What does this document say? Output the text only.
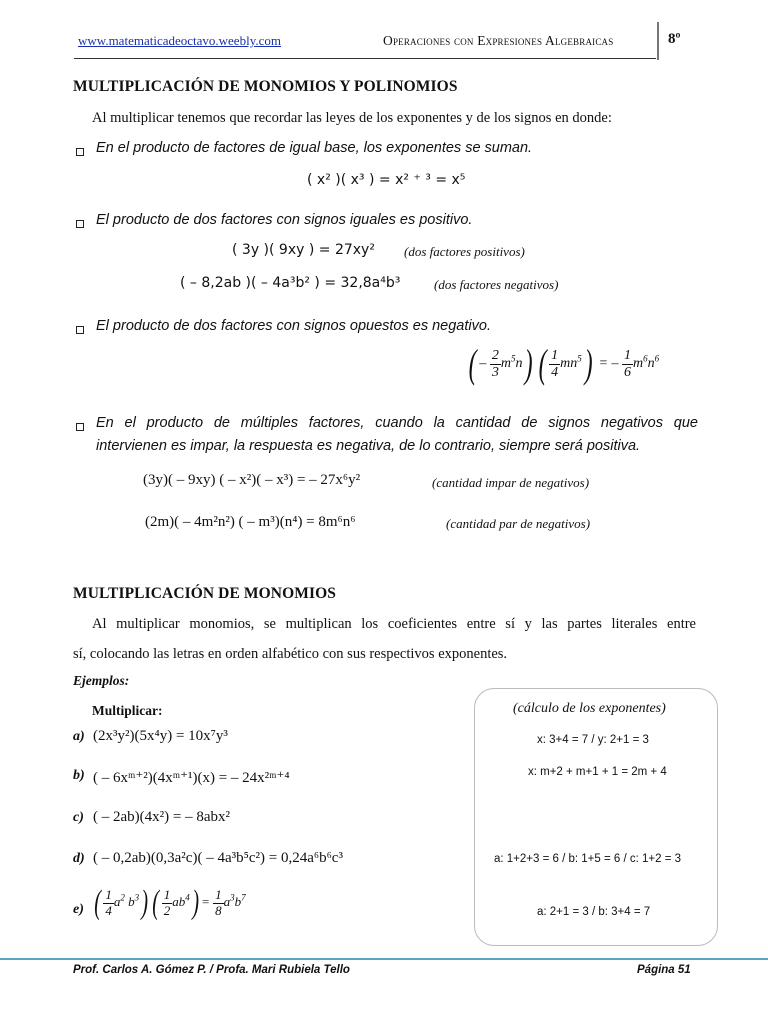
www.matematicadeoctavo.weebly.com	Operaciones con Expresiones Algebraicas	8º
MULTIPLICACIÓN DE MONOMIOS Y POLINOMIOS
Al multiplicar tenemos que recordar las leyes de los exponentes y de los signos en donde:
En el producto de factores de igual base, los exponentes se suman.
( x² )( x³ ) = x² ⁺ ³ = x⁵
El producto de dos factores con signos iguales es positivo.
( 3y )( 9xy ) = 27xy² (dos factores positivos)
( – 8,2ab )( – 4a³b² ) = 32,8a⁴b³	(dos factores negativos)
El producto de dos factores con signos opuestos es negativo.
( – $\frac{2}{3} m^5n$) ( $\frac{1}{4} mn^5$) = – $\frac{1}{6} m^6n^6$
En el producto de múltiples factores, cuando la cantidad de signos negativos que
intervienen es impar, la respuesta es negativa, de lo contrario, siempre será positiva.
(3y)( – 9xy) ( – x²)( – x³) = – 27x⁶y²	(cantidad impar de negativos)
(2m)( – 4m²n²) ( – m³)(n⁴) = 8m⁶n⁶	(cantidad par de negativos)
MULTIPLICACIÓN DE MONOMIOS
Al multiplicar monomios, se multiplican los coeficientes entre sí y las partes literales entre
sí, colocando las letras en orden alfabético con sus respectivos exponentes.
Ejemplos:
Multiplicar:
a) (2x³y²)(5x⁴y) = 10x⁷y³
b) ( – 6xᵐ⁺²)(4xᵐ⁺¹)(x) = – 24x²ᵐ⁺⁴
c) ( – 2ab)(4x²) = – 8abx²
d) ( – 0,2ab)(0,3a²c)( – 4a³b⁵c²) = 0,24a⁶b⁶c³
e) ( $\frac{1}{4} a^2$ $b^3$) ( $\frac{1}{2} ab^4) = \frac{1}{8} a^3b^7$
(cálculo de los exponentes)
x: 3+4 = 7 / y: 2+1 = 3
x: m+2 + m+1 + 1 = 2m + 4
a: 1+2+3 = 6 / b: 1+5 = 6 / c: 1+2 = 3
a: 2+1 = 3 / b: 3+4 = 7
Prof. Carlos A. Gómez P. / Profa. Mari Rubiela Tello	Página 51
